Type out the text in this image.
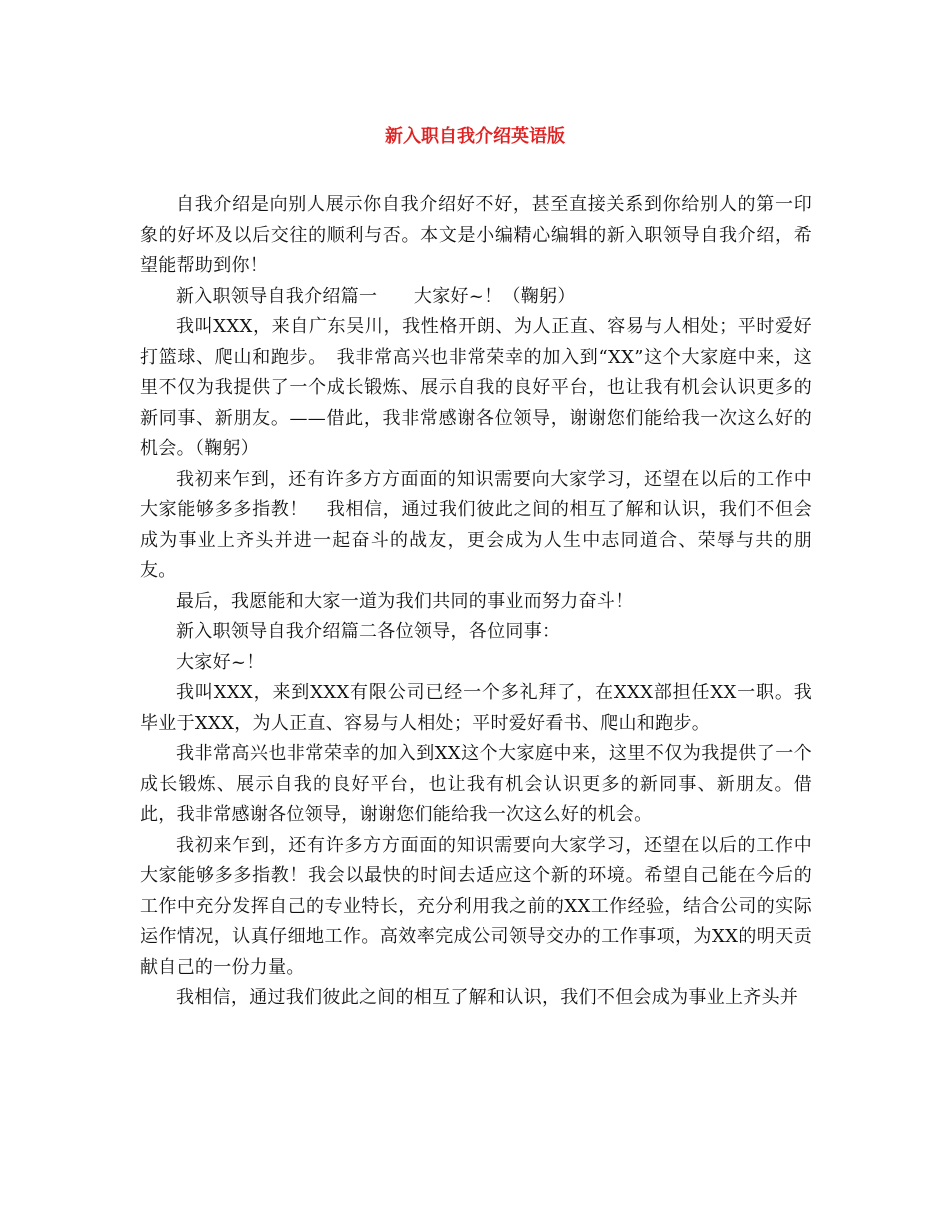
新入职自我介绍英语版

自我介绍是向别人展示你自我介绍好不好，甚至直接关系到你给别人的第一印象的好坏及以后交往的顺利与否。本文是小编精心编辑的新入职领导自我介绍，希望能帮助到你！

新入职领导自我介绍篇一　　大家好~！（鞠躬）

我叫XXX，来自广东吴川，我性格开朗、为人正直、容易与人相处；平时爱好打篮球、爬山和跑步。　我非常高兴也非常荣幸的加入到“XX”这个大家庭中来，这里不仅为我提供了一个成长锻炼、展示自我的良好平台，也让我有机会认识更多的新同事、新朋友。——借此，我非常感谢各位领导，谢谢您们能给我一次这么好的机会。（鞠躬）

我初来乍到，还有许多方方面面的知识需要向大家学习，还望在以后的工作中大家能够多多指教！　我相信，通过我们彼此之间的相互了解和认识，我们不但会成为事业上齐头并进一起奋斗的战友，更会成为人生中志同道合、荣辱与共的朋友。

最后，我愿能和大家一道为我们共同的事业而努力奋斗！

新入职领导自我介绍篇二各位领导，各位同事：

大家好~！

我叫XXX，来到XXX有限公司已经一个多礼拜了，在XXX部担任XX一职。我毕业于XXX，为人正直、容易与人相处；平时爱好看书、爬山和跑步。

我非常高兴也非常荣幸的加入到XX这个大家庭中来，这里不仅为我提供了一个成长锻炼、展示自我的良好平台，也让我有机会认识更多的新同事、新朋友。借此，我非常感谢各位领导，谢谢您们能给我一次这么好的机会。

我初来乍到，还有许多方方面面的知识需要向大家学习，还望在以后的工作中大家能够多多指教！我会以最快的时间去适应这个新的环境。希望自己能在今后的工作中充分发挥自己的专业特长，充分利用我之前的XX工作经验，结合公司的实际运作情况，认真仔细地工作。高效率完成公司领导交办的工作事项，为XX的明天贡献自己的一份力量。

我相信，通过我们彼此之间的相互了解和认识，我们不但会成为事业上齐头并
